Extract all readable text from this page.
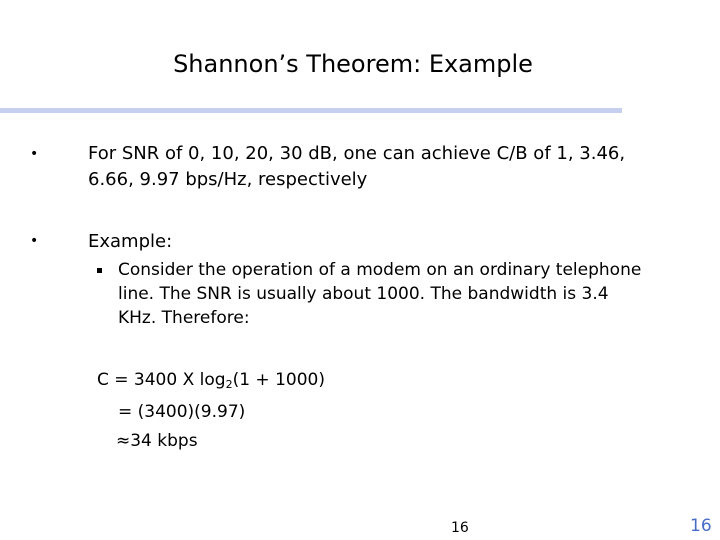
Shannon’s Theorem: Example
•	For SNR of 0, 10, 20, 30 dB, one can achieve C/B of 1, 3.46,
6.66, 9.97 bps/Hz, respectively
•	Example:
Consider the operation of a modem on an ordinary telephone
line. The SNR is usually about 1000. The bandwidth is 3.4
KHz. Therefore:
C = 3400 X $\log_2(1 + 1000)$
= (3400)(9.97)
≈34 kbps
16	16
